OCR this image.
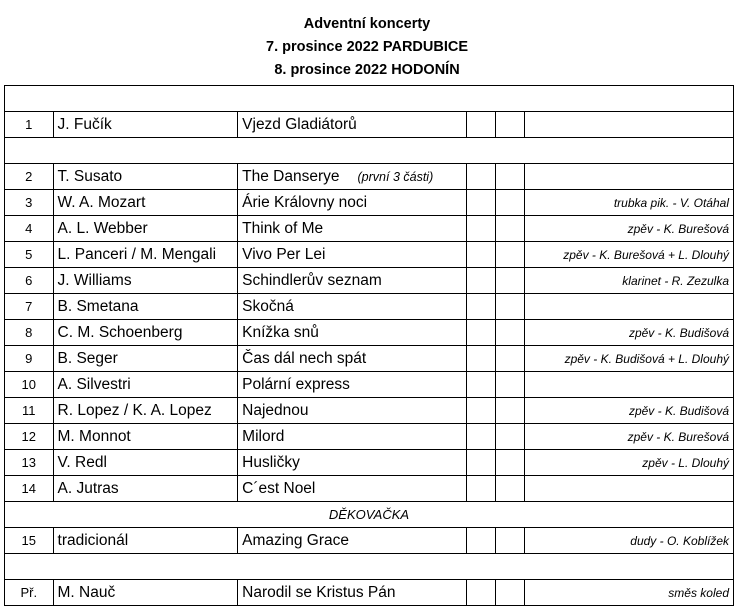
Adventní koncerty
7. prosince 2022 PARDUBICE
8. prosince 2022 HODONÍN

1	J. Fučík	Vjezd Gladiátorů			

2	T. Susato	The Danserye (první 3 části)			
3	W. A. Mozart	Árie Královny noci			trubka pik. - V. Otáhal
4	A. L. Webber	Think of Me			zpěv - K. Burešová
5	L. Panceri / M. Mengali	Vivo Per Lei			zpěv - K. Burešová + L. Dlouhý
6	J. Williams	Schindlerův seznam			klarinet - R. Zezulka
7	B. Smetana	Skočná			
8	C. M. Schoenberg	Knížka snů			zpěv - K. Budišová
9	B. Seger	Čas dál nech spát			zpěv - K. Budišová + L. Dlouhý
10	A. Silvestri	Polární express			
11	R. Lopez / K. A. Lopez	Najednou			zpěv - K. Budišová
12	M. Monnot	Milord			zpěv - K. Burešová
13	V. Redl	Husličky			zpěv - L. Dlouhý
14	A. Jutras	C´est Noel			
DĚKOVAČKA					
15	tradicionál	Amazing Grace			dudy - O. Koblížek

Př.	M. Nauč	Narodil se Kristus Pán			směs koled
